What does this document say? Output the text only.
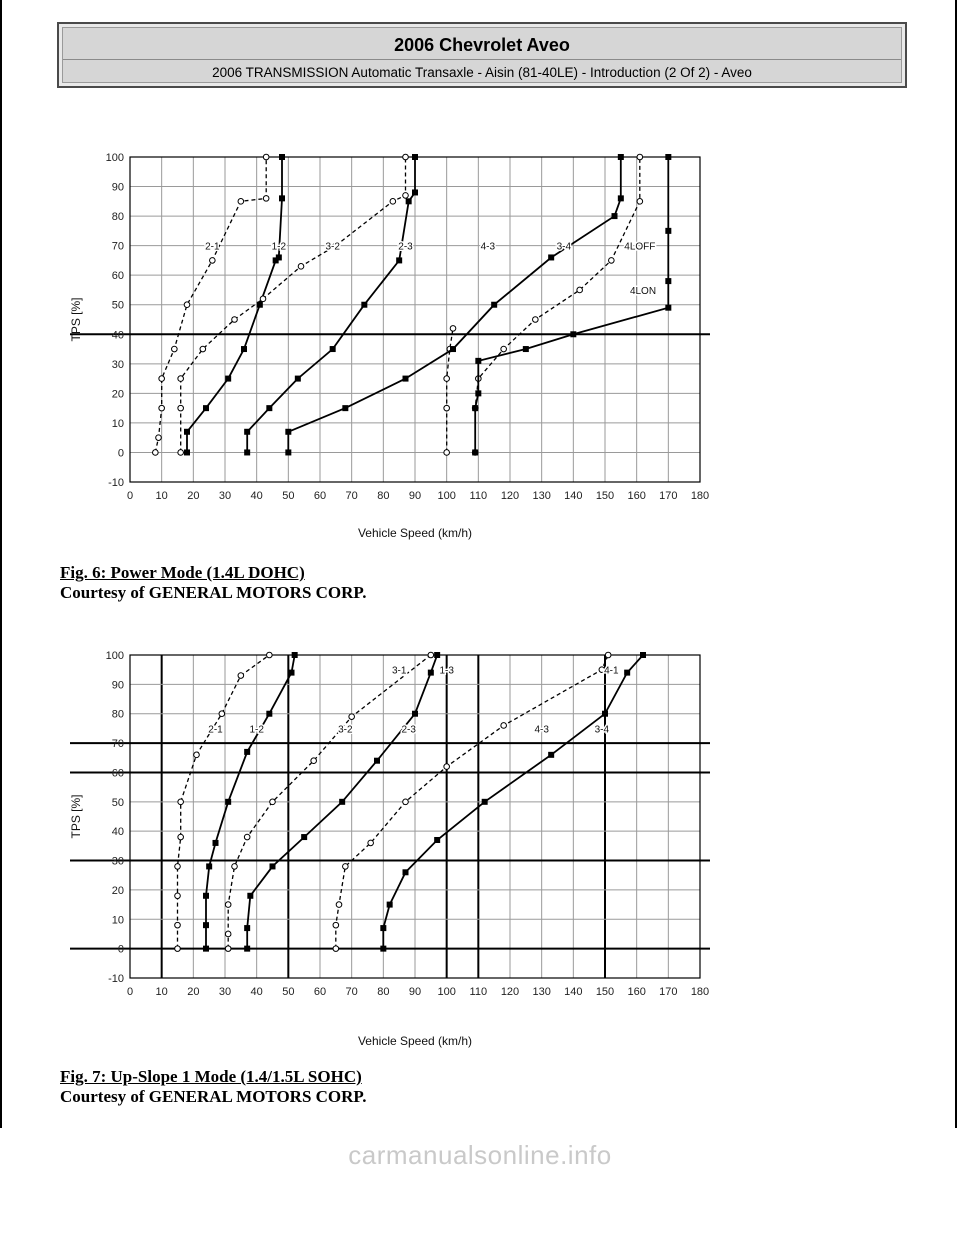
2006 Chevrolet Aveo
2006 TRANSMISSION Automatic Transaxle - Aisin (81-40LE) - Introduction (2 Of 2) - Aveo
0 10 20 30 40 50 60 70 80 90 100 110 120 130 140 150 160 170 180
-10
0
10
20
30
40
50
60
70
80
90
100
Vehicle Speed (km/h)
TPS [%]
2-1	1-2	3-2	2-3	4-3	3-4	4LOFF
4LON
Fig. 6: Power Mode (1.4L DOHC)
Courtesy of GENERAL MOTORS CORP.
0 10 20 30 40 50 60 70 80 90 100 110 120 130 140 150 160 170 180
-10
0
10
20
30
40
50
60
70
80
90
100
Vehicle Speed (km/h)
TPS [%]
2-1	1-2	3-2	2-3	4-3	3-4
3-1	1-3	4-1
Fig. 7: Up-Slope 1 Mode (1.4/1.5L SOHC)
Courtesy of GENERAL MOTORS CORP.
carmanualsonline.info
